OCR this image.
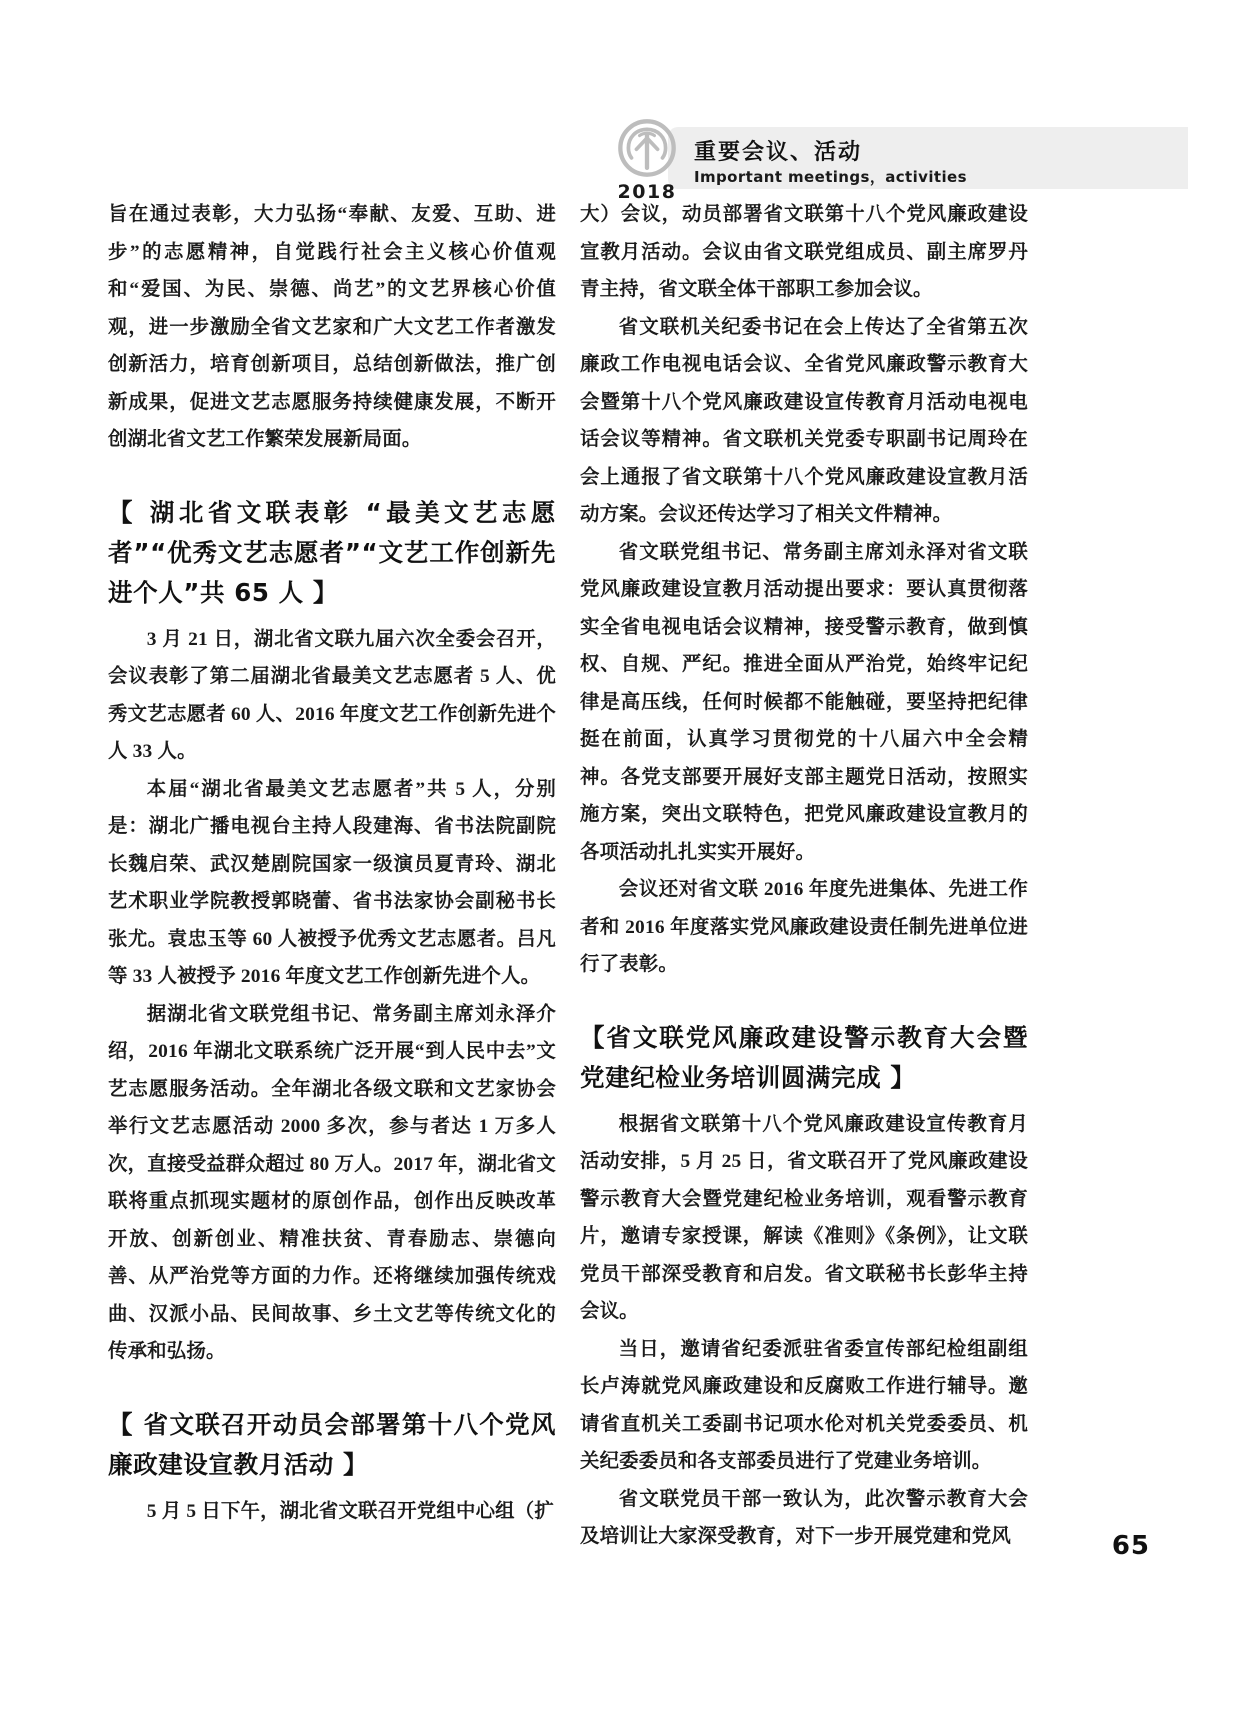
2018
重要会议、活动
Important meetings，activities

旨在通过表彰，大力弘扬“奉献、友爱、互助、进步”的志愿精神，自觉践行社会主义核心价值观和“爱国、为民、崇德、尚艺”的文艺界核心价值观，进一步激励全省文艺家和广大文艺工作者激发创新活力，培育创新项目，总结创新做法，推广创新成果，促进文艺志愿服务持续健康发展，不断开创湖北省文艺工作繁荣发展新局面。

【 湖北省文联表彰 “最美文艺志愿者”“优秀文艺志愿者”“文艺工作创新先进个人”共 65 人 】

3 月 21 日，湖北省文联九届六次全委会召开，会议表彰了第二届湖北省最美文艺志愿者 5 人、优秀文艺志愿者 60 人、2016 年度文艺工作创新先进个人 33 人。

本届“湖北省最美文艺志愿者”共 5 人，分别是：湖北广播电视台主持人段建海、省书法院副院长魏启荣、武汉楚剧院国家一级演员夏青玲、湖北艺术职业学院教授郭晓蕾、省书法家协会副秘书长张尤。袁忠玉等 60 人被授予优秀文艺志愿者。吕凡等 33 人被授予 2016 年度文艺工作创新先进个人。

据湖北省文联党组书记、常务副主席刘永泽介绍，2016 年湖北文联系统广泛开展“到人民中去”文艺志愿服务活动。全年湖北各级文联和文艺家协会举行文艺志愿活动 2000 多次，参与者达 1 万多人次，直接受益群众超过 80 万人。2017 年，湖北省文联将重点抓现实题材的原创作品，创作出反映改革开放、创新创业、精准扶贫、青春励志、崇德向善、从严治党等方面的力作。还将继续加强传统戏曲、汉派小品、民间故事、乡土文艺等传统文化的传承和弘扬。

【 省文联召开动员会部署第十八个党风廉政建设宣教月活动 】

5 月 5 日下午，湖北省文联召开党组中心组（扩

大）会议，动员部署省文联第十八个党风廉政建设宣教月活动。会议由省文联党组成员、副主席罗丹青主持，省文联全体干部职工参加会议。

省文联机关纪委书记在会上传达了全省第五次廉政工作电视电话会议、全省党风廉政警示教育大会暨第十八个党风廉政建设宣传教育月活动电视电话会议等精神。省文联机关党委专职副书记周玲在会上通报了省文联第十八个党风廉政建设宣教月活动方案。会议还传达学习了相关文件精神。

省文联党组书记、常务副主席刘永泽对省文联党风廉政建设宣教月活动提出要求：要认真贯彻落实全省电视电话会议精神，接受警示教育，做到慎权、自规、严纪。推进全面从严治党，始终牢记纪律是高压线，任何时候都不能触碰，要坚持把纪律挺在前面，认真学习贯彻党的十八届六中全会精神。各党支部要开展好支部主题党日活动，按照实施方案，突出文联特色，把党风廉政建设宣教月的各项活动扎扎实实开展好。

会议还对省文联 2016 年度先进集体、先进工作者和 2016 年度落实党风廉政建设责任制先进单位进行了表彰。

【省文联党风廉政建设警示教育大会暨党建纪检业务培训圆满完成 】

根据省文联第十八个党风廉政建设宣传教育月活动安排，5 月 25 日，省文联召开了党风廉政建设警示教育大会暨党建纪检业务培训，观看警示教育片，邀请专家授课，解读《准则》《条例》，让文联党员干部深受教育和启发。省文联秘书长彭华主持会议。

当日，邀请省纪委派驻省委宣传部纪检组副组长卢涛就党风廉政建设和反腐败工作进行辅导。邀请省直机关工委副书记项水伦对机关党委委员、机关纪委委员和各支部委员进行了党建业务培训。

省文联党员干部一致认为，此次警示教育大会及培训让大家深受教育，对下一步开展党建和党风	65
